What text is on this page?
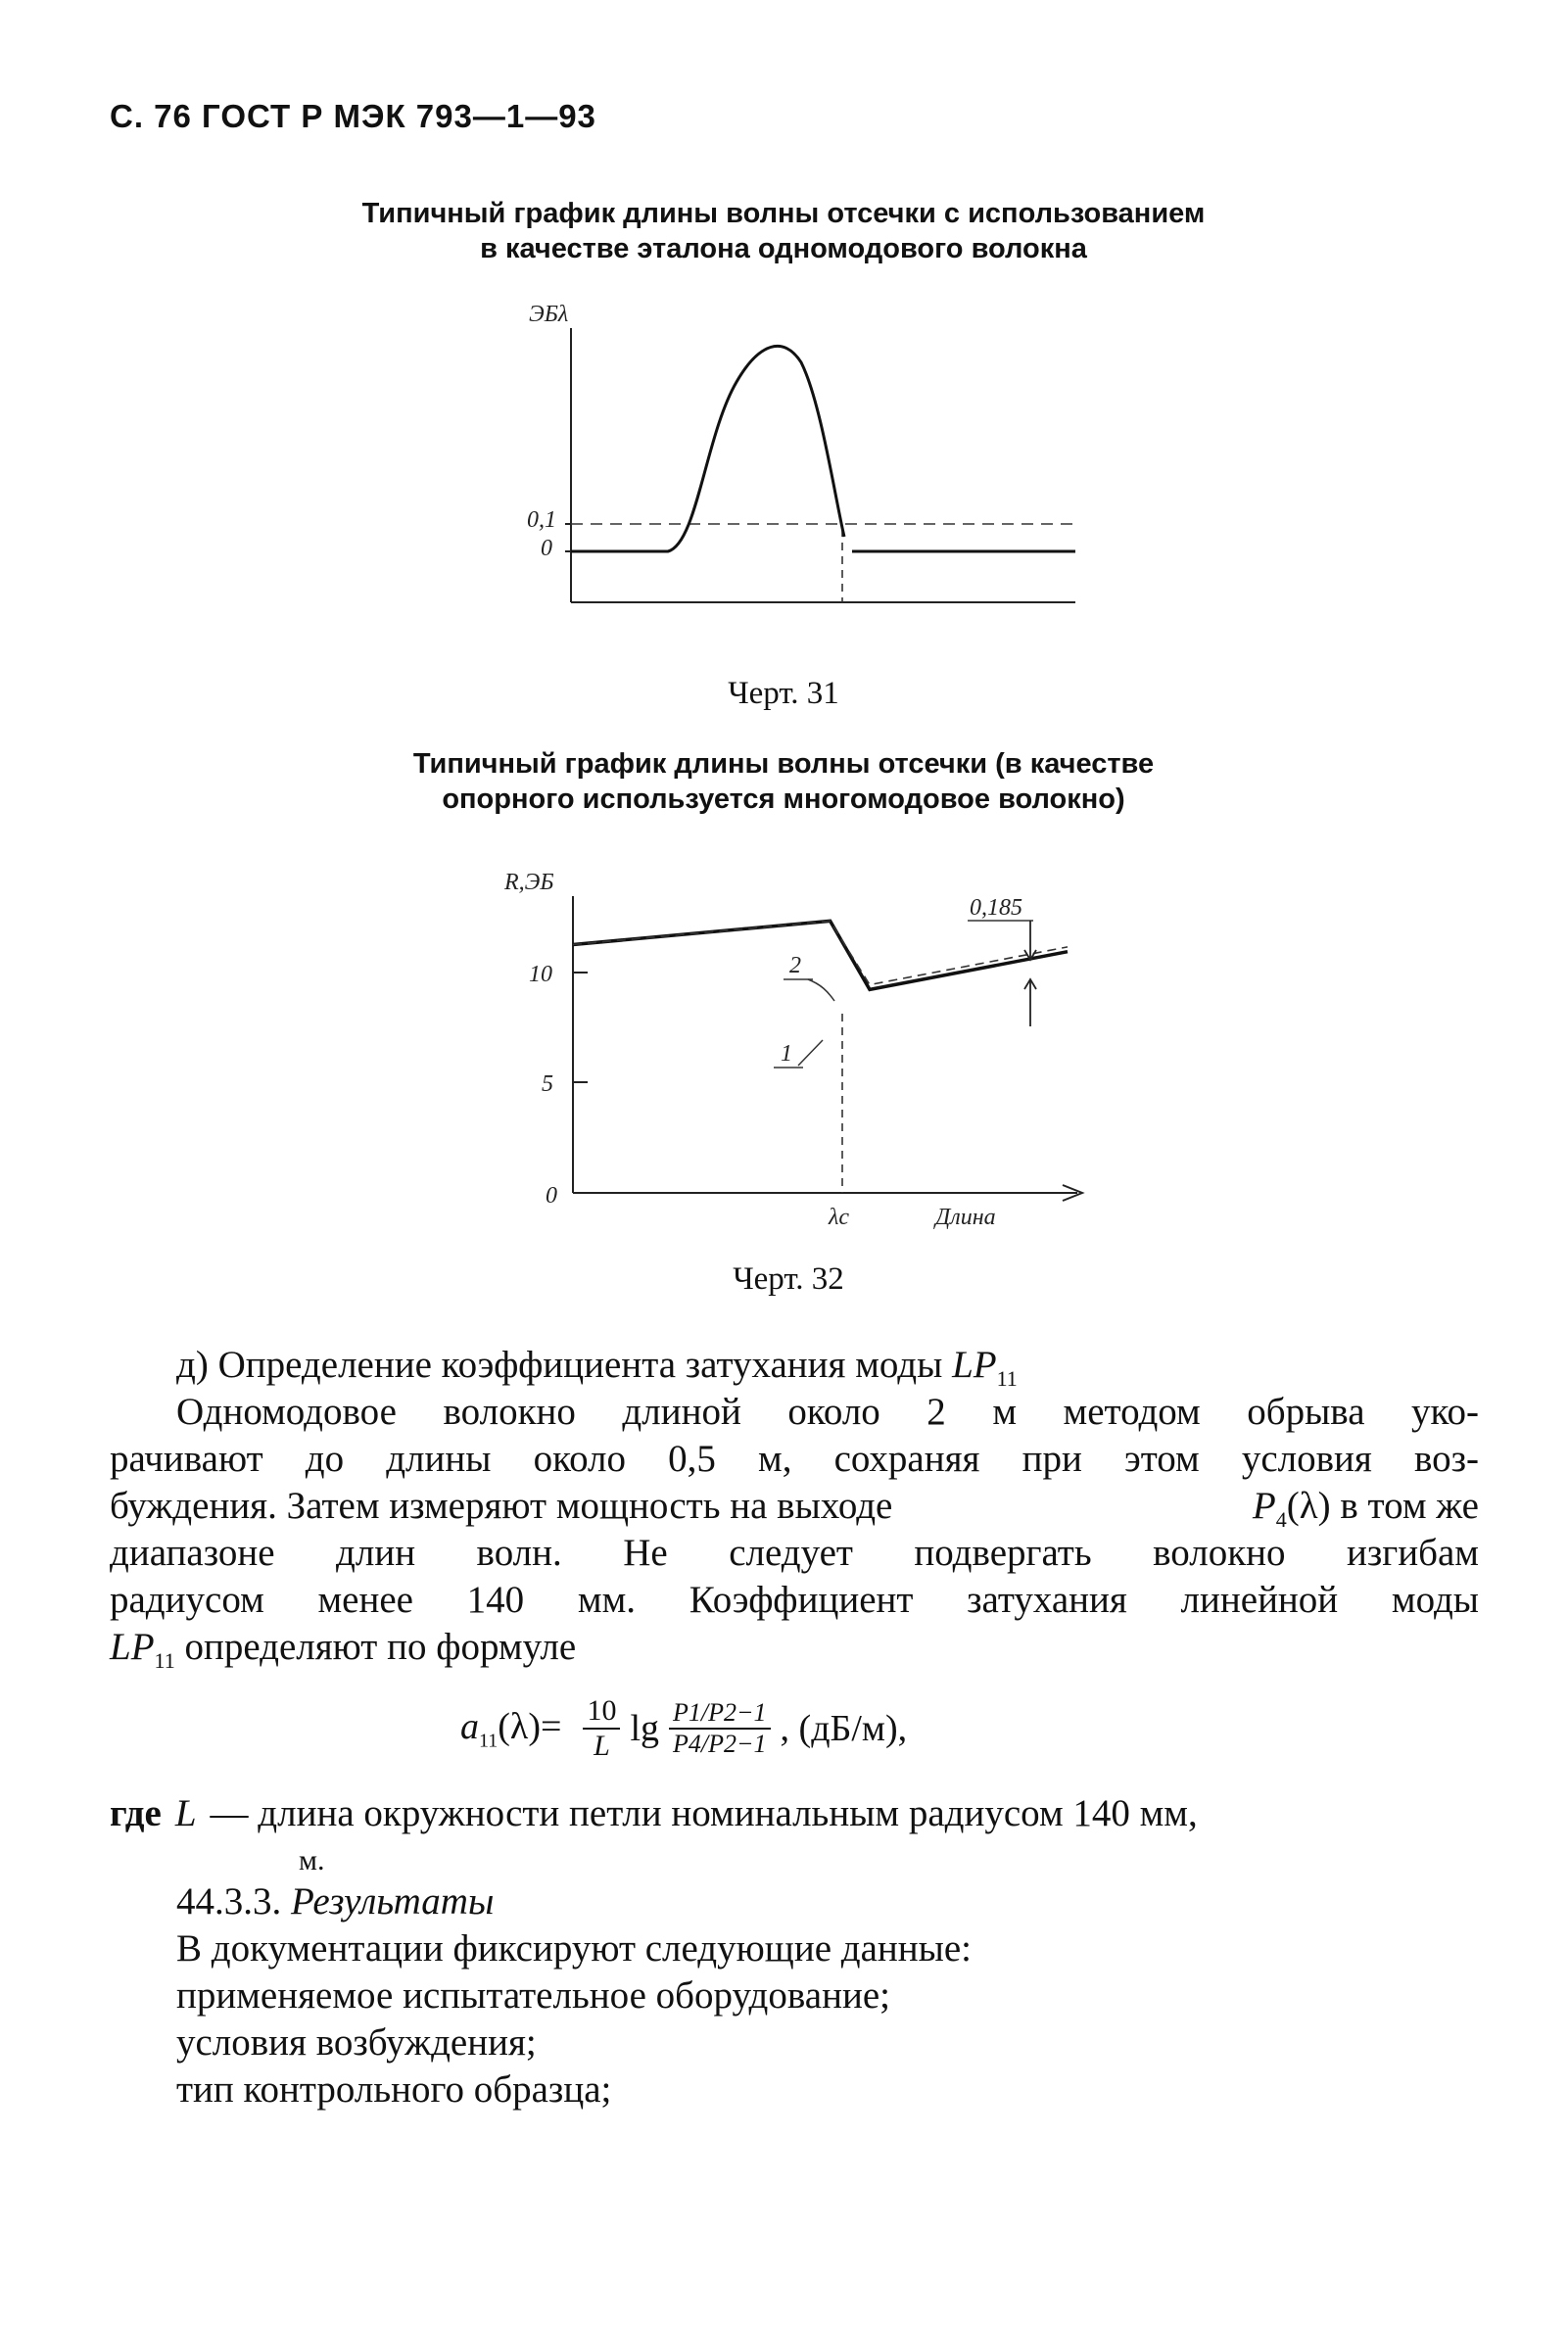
С. 76 ГОСТ Р МЭК 793—1—93
Типичный график длины волны отсечки с использованием
в качестве эталона одномодового волокна
ЭБλ
0,1
0
Черт. 31
Типичный график длины волны отсечки (в качестве
опорного используется многомодовое волокно)
R,ЭБ
10
5
0
λc	Длина
2
1
0,185
Черт. 32
д) Определение коэффициента затухания моды $LP_{11}$
Одномодовое волокно длиной около 2 м методом обрыва уко-
рачивают до длины около 0,5 м, сохраняя при этом условия воз-
буждения. Затем измеряют мощность на выходе	$P_4(\lambda)$ в том же
диапазоне длин волн. Не следует подвергать волокно изгибам
радиусом менее 140 мм. Коэффициент затухания линейной моды
$LP_{11}$ определяют по формуле
$a_{11}(\lambda)= \frac{10}{L}$ $\lg \frac{P1/P2-1}{P4/P2-1}$ , (дБ/м),
где L — длина окружности петли номинальным радиусом 140 мм,
м.
44.3.3. Результаты
В документации фиксируют следующие данные:
применяемое испытательное оборудование;
условия возбуждения;
тип контрольного образца;
